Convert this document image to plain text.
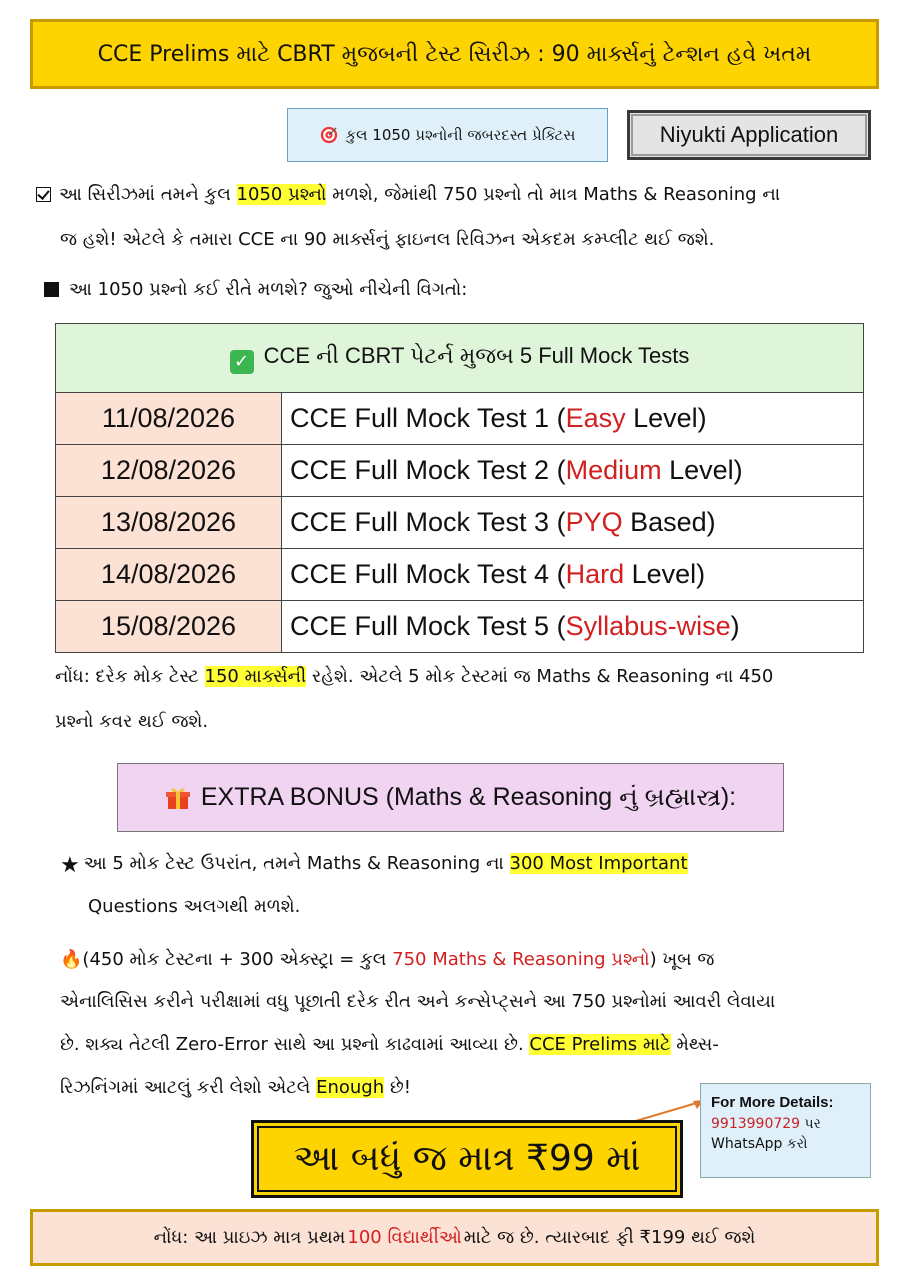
CCE Prelims માટે CBRT મુજબની ટેસ્ટ સિરીઝ : 90 માર્ક્સનું ટેન્શન હવે ખતમ
કુલ 1050 પ્રશ્નોની જબરદસ્ત પ્રેક્ટિસ	Niyukti Application
આ સિરીઝમાં તમને કુલ 1050 પ્રશ્નો મળશે, જેમાંથી 750 પ્રશ્નો તો માત્ર Maths & Reasoning ના
જ હશે! એટલે કે તમારા CCE ના 90 માર્ક્સનું ફાઇનલ રિવિઝન એકદમ કમ્પ્લીટ થઈ જશે.
આ 1050 પ્રશ્નો કઈ રીતે મળશે? જુઓ નીચેની વિગતો:
✓ CCE ની CBRT પેટર્ન મુજબ 5 Full Mock Tests	
11/08/2026	CCE Full Mock Test 1 (Easy Level)
12/08/2026	CCE Full Mock Test 2 (Medium Level)
13/08/2026	CCE Full Mock Test 3 (PYQ Based)
14/08/2026	CCE Full Mock Test 4 (Hard Level)
15/08/2026	CCE Full Mock Test 5 (Syllabus-wise)
નોંધ: દરેક મોક ટેસ્ટ 150 માર્ક્સની રહેશે. એટલે 5 મોક ટેસ્ટમાં જ Maths & Reasoning ના 450
પ્રશ્નો કવર થઈ જશે.
EXTRA BONUS (Maths & Reasoning નું બ્રહ્માસ્ત્ર):
★ આ 5 મોક ટેસ્ટ ઉપરાંત, તમને Maths & Reasoning ના 300 Most Important
Questions અલગથી મળશે.
🔥(450 મોક ટેસ્ટના + 300 એક્સ્ટ્રા = કુલ 750 Maths & Reasoning પ્રશ્નો) ખૂબ જ
એનાલિસિસ કરીને પરીક્ષામાં વધુ પૂછાતી દરેક રીત અને કન્સેપ્ટ્સને આ 750 પ્રશ્નોમાં આવરી લેવાયા
છે. શક્ય તેટલી Zero-Error સાથે આ પ્રશ્નો કાઢવામાં આવ્યા છે. CCE Prelims માટે મેથ્સ-
રિઝનિંગમાં આટલું કરી લેશો એટલે Enough છે!
આ બધું જ માત્ર ₹99 માં
For More Details:
9913990729 પર
WhatsApp કરો
નોંધ: આ પ્રાઇઝ માત્ર પ્રથમ 100 વિદ્યાર્થીઓ માટે જ છે. ત્યારબાદ ફી ₹199 થઈ જશે
